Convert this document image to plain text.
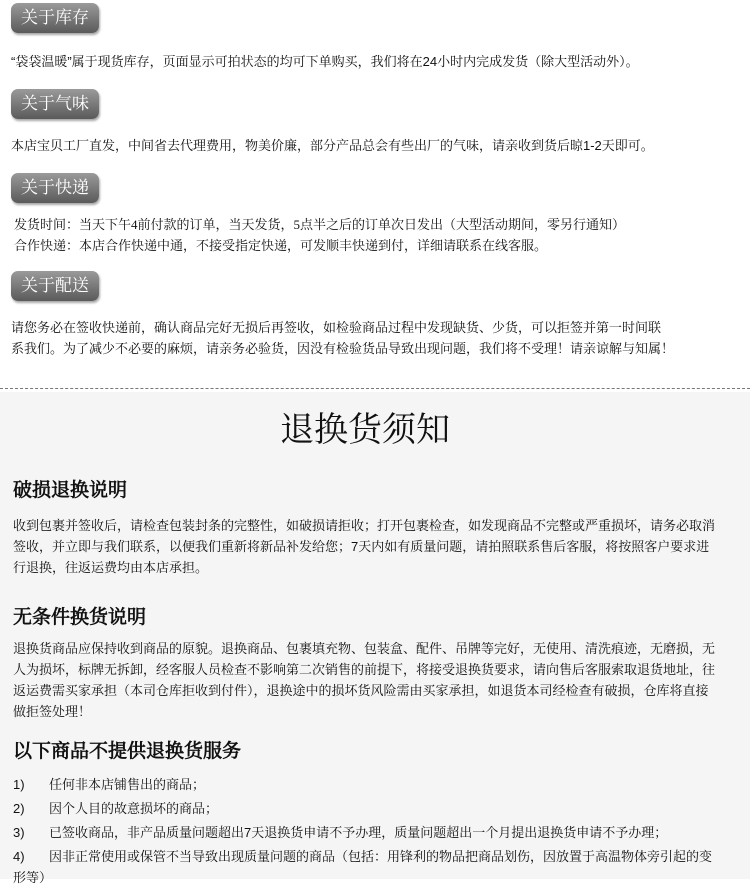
关于库存
“袋袋温暖”属于现货库存，页面显示可拍状态的均可下单购买，我们将在24小时内完成发货（除大型活动外）。
关于气味
本店宝贝工厂直发，中间省去代理费用，物美价廉，部分产品总会有些出厂的气味，请亲收到货后晾1-2天即可。
关于快递
发货时间：当天下午4前付款的订单，当天发货，5点半之后的订单次日发出（大型活动期间，零另行通知）
合作快递：本店合作快递中通，不接受指定快递，可发顺丰快递到付，详细请联系在线客服。
关于配送
请您务必在签收快递前，确认商品完好无损后再签收，如检验商品过程中发现缺货、少货，可以拒签并第一时间联
系我们。为了减少不必要的麻烦，请亲务必验货，因没有检验货品导致出现问题，我们将不受理！请亲谅解与知属！
退换货须知
破损退换说明
收到包裹并签收后，请检查包装封条的完整性，如破损请拒收；打开包裹检查，如发现商品不完整或严重损坏，请务必取消签收，并立即与我们联系，以便我们重新将新品补发给您；7天内如有质量问题，请拍照联系售后客服，将按照客户要求进行退换，往返运费均由本店承担。
无条件换货说明
退换货商品应保持收到商品的原貌。退换商品、包裹填充物、包装盒、配件、吊牌等完好，无使用、清洗痕迹，无磨损，无人为损坏，标牌无拆卸，经客服人员检查不影响第二次销售的前提下，将接受退换货要求，请向售后客服索取退货地址，往返运费需买家承担（本司仓库拒收到付件），退换途中的损坏货风险需由买家承担，如退货本司经检查有破损，仓库将直接做拒签处理！
以下商品不提供退换货服务
1) 任何非本店铺售出的商品；
2) 因个人目的故意损坏的商品；
3) 已签收商品，非产品质量问题超出7天退换货申请不予办理，质量问题超出一个月提出退换货申请不予办理；
4) 因非正常使用或保管不当导致出现质量问题的商品（包括：用锋利的物品把商品划伤，因放置于高温物体旁引起的变形等）
